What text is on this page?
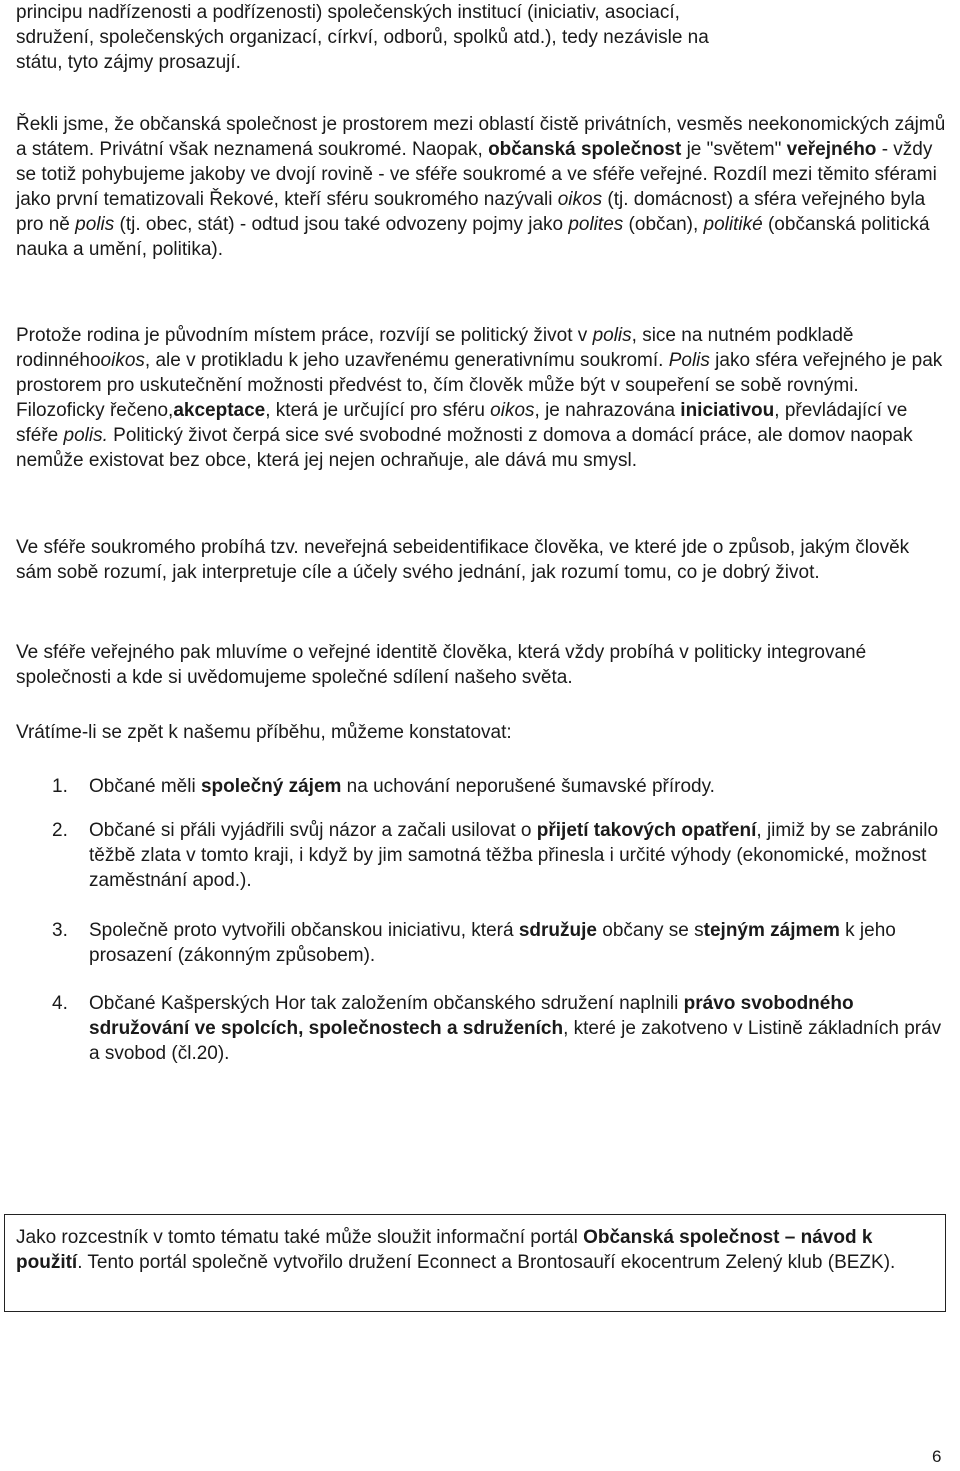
principu nadřízenosti a podřízenosti) společenských institucí (iniciativ, asociací,
sdružení, společenských organizací, církví, odborů, spolků atd.), tedy nezávisle na
státu, tyto zájmy prosazují.

Řekli jsme, že občanská společnost je prostorem mezi oblastí čistě privátních, vesměs neekonomických zájmů a státem. Privátní však neznamená soukromé. Naopak, občanská společnost je "světem" veřejného - vždy se totiž pohybujeme jakoby ve dvojí rovině - ve sféře soukromé a ve sféře veřejné. Rozdíl mezi těmito sférami jako první tematizovali Řekové, kteří sféru soukromého nazývali oikos (tj. domácnost) a sféra veřejného byla pro ně polis (tj. obec, stát) - odtud jsou také odvozeny pojmy jako polites (občan), politiké (občanská politická nauka a umění, politika).

Protože rodina je původním místem práce, rozvíjí se politický život v polis, sice na nutném podkladě rodinnéhooikos, ale v protikladu k jeho uzavřenému generativnímu soukromí. Polis jako sféra veřejného je pak prostorem pro uskutečnění možnosti předvést to, čím člověk může být v soupeření se sobě rovnými. Filozoficky řečeno,akceptace, která je určující pro sféru oikos, je nahrazována iniciativou, převládající ve sféře polis. Politický život čerpá sice své svobodné možnosti z domova a domácí práce, ale domov naopak nemůže existovat bez obce, která jej nejen ochraňuje, ale dává mu smysl.

Ve sféře soukromého probíhá tzv. neveřejná sebeidentifikace člověka, ve které jde o způsob, jakým člověk sám sobě rozumí, jak interpretuje cíle a účely svého jednání, jak rozumí tomu, co je dobrý život.

Ve sféře veřejného pak mluvíme o veřejné identitě člověka, která vždy probíhá v politicky integrované společnosti a kde si uvědomujeme společné sdílení našeho světa.

Vrátíme-li se zpět k našemu příběhu, můžeme konstatovat:

1. Občané měli společný zájem na uchování neporušené šumavské přírody.
2. Občané si přáli vyjádřili svůj názor a začali usilovat o přijetí takových opatření, jimiž by se zabránilo těžbě zlata v tomto kraji, i když by jim samotná těžba přinesla i určité výhody (ekonomické, možnost zaměstnání apod.).
3. Společně proto vytvořili občanskou iniciativu, která sdružuje občany se stejným zájmem k jeho prosazení (zákonným způsobem).
4. Občané Kašperských Hor tak založením občanského sdružení naplnili právo svobodného sdružování ve spolcích, společnostech a sdruženích, které je zakotveno v Listině základních práv a svobod (čl.20).
Jako rozcestník v tomto tématu také může sloužit informační portál Občanská společnost – návod k použití. Tento portál společně vytvořilo družení Econnect a Brontosauří ekocentrum Zelený klub (BEZK).
6
